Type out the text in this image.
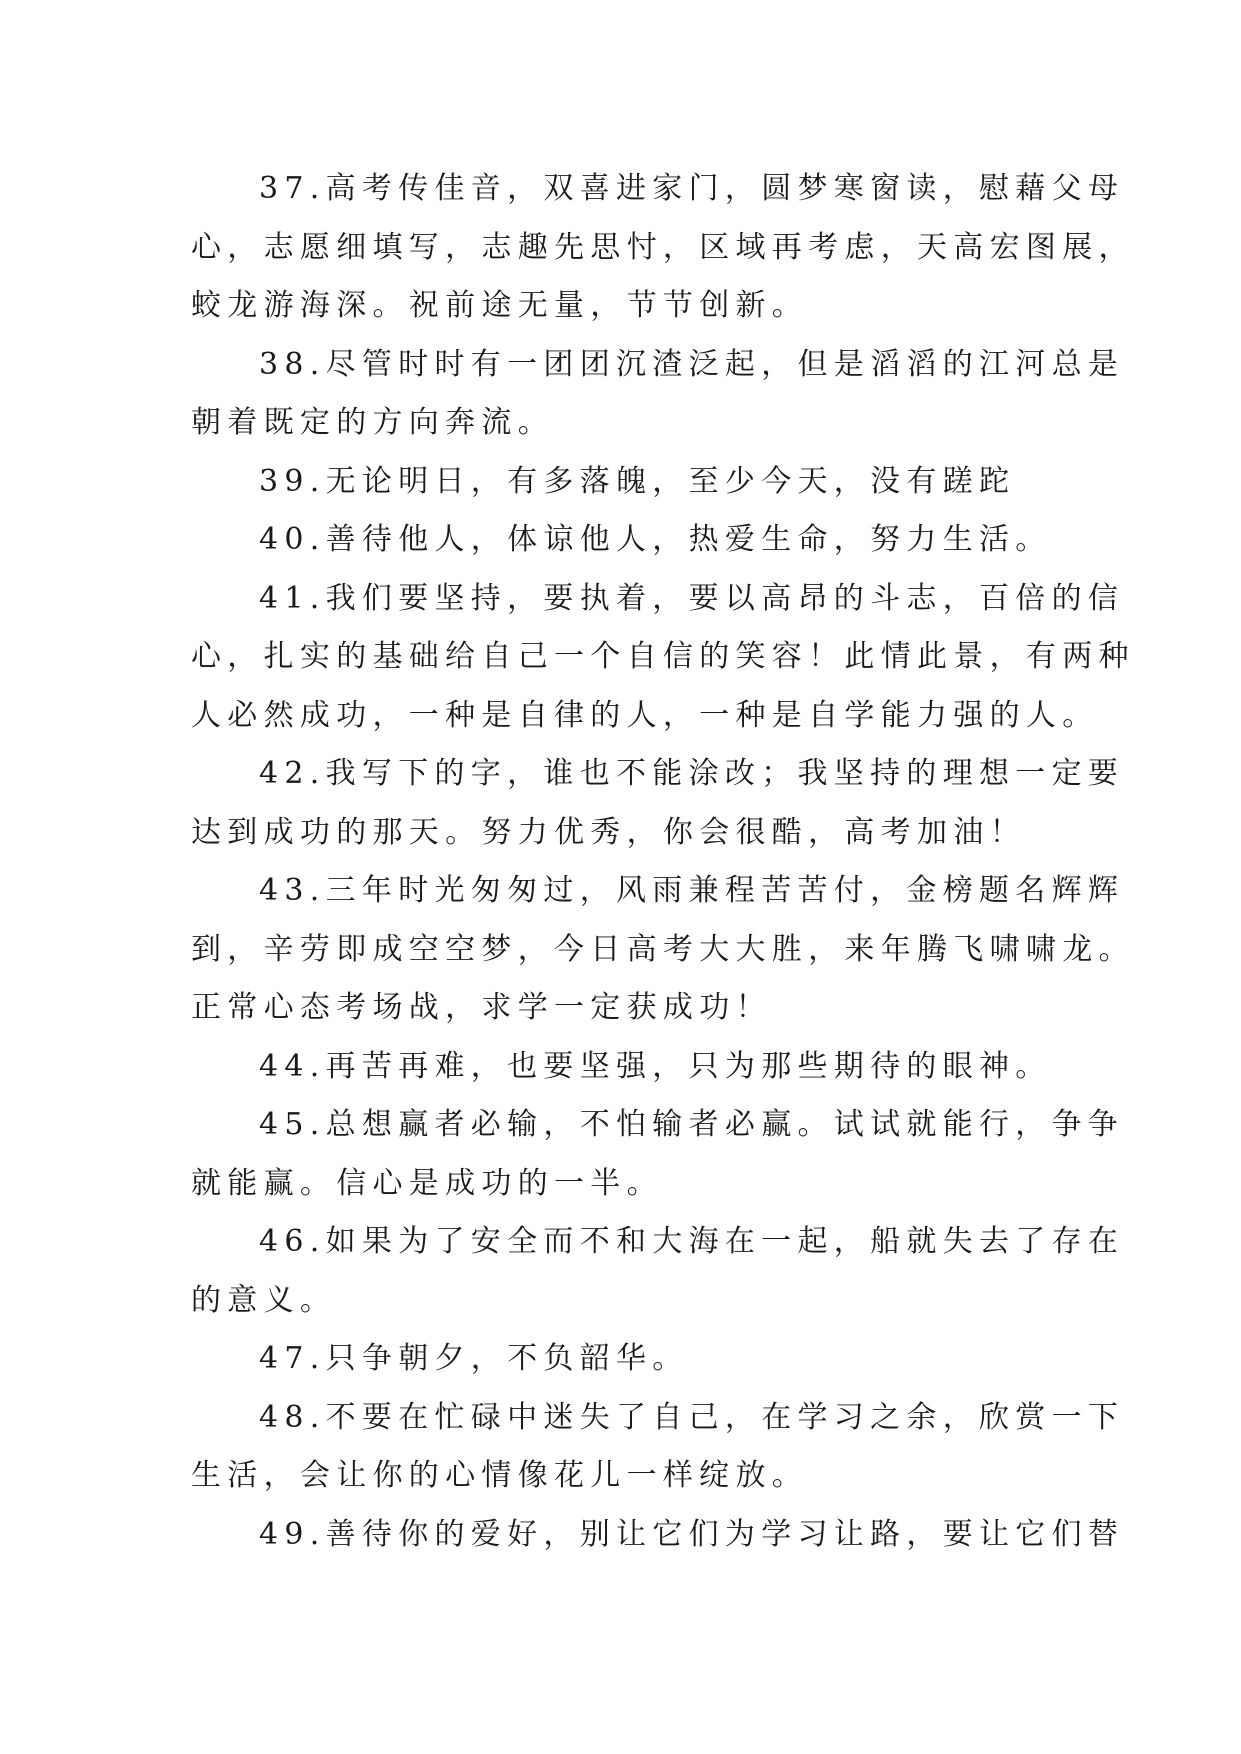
37.高考传佳音，双喜进家门，圆梦寒窗读，慰藉父母
心，志愿细填写，志趣先思忖，区域再考虑，天高宏图展，
蛟龙游海深。祝前途无量，节节创新。
38.尽管时时有一团团沉渣泛起，但是滔滔的江河总是
朝着既定的方向奔流。
39.无论明日，有多落魄，至少今天，没有蹉跎
40.善待他人，体谅他人，热爱生命，努力生活。
41.我们要坚持，要执着，要以高昂的斗志，百倍的信
心，扎实的基础给自己一个自信的笑容！此情此景，有两种
人必然成功，一种是自律的人，一种是自学能力强的人。
42.我写下的字，谁也不能涂改；我坚持的理想一定要
达到成功的那天。努力优秀，你会很酷，高考加油！
43.三年时光匆匆过，风雨兼程苦苦付，金榜题名辉辉
到，辛劳即成空空梦，今日高考大大胜，来年腾飞啸啸龙。
正常心态考场战，求学一定获成功！
44.再苦再难，也要坚强，只为那些期待的眼神。
45.总想赢者必输，不怕输者必赢。试试就能行，争争
就能赢。信心是成功的一半。
46.如果为了安全而不和大海在一起，船就失去了存在
的意义。
47.只争朝夕，不负韶华。
48.不要在忙碌中迷失了自己，在学习之余，欣赏一下
生活，会让你的心情像花儿一样绽放。
49.善待你的爱好，别让它们为学习让路，要让它们替
